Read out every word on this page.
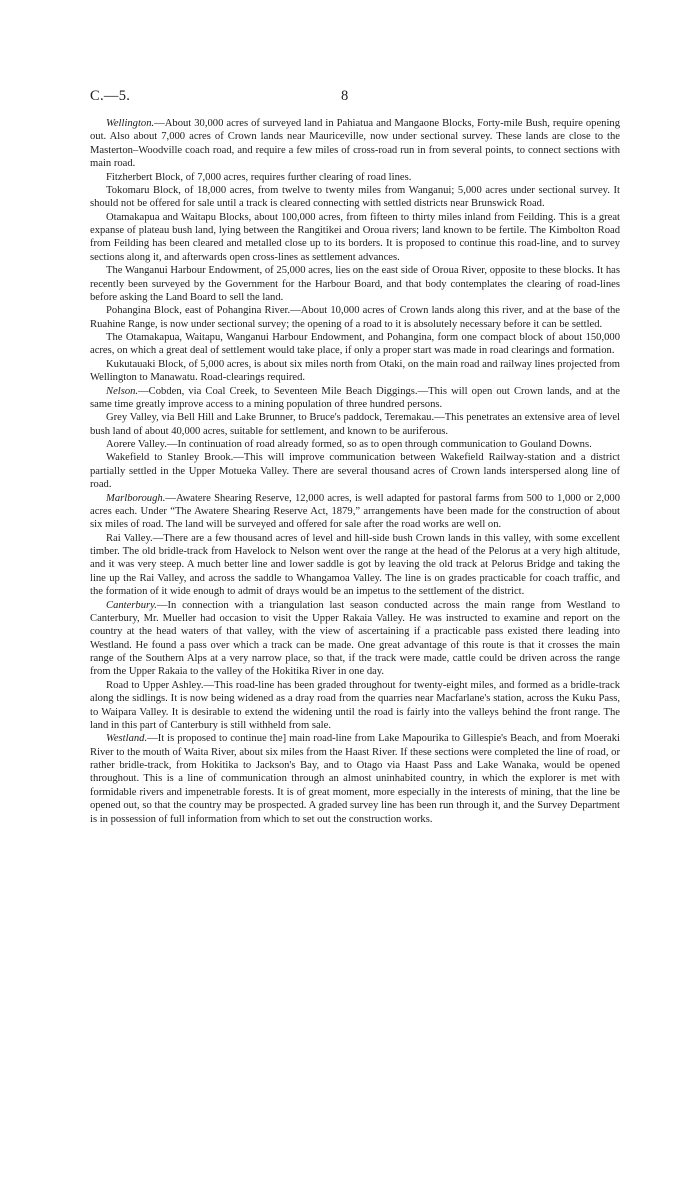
C.—5.	8

Wellington.—About 30,000 acres of surveyed land in Pahiatua and Mangaone Blocks, Forty-mile Bush, require opening out. Also about 7,000 acres of Crown lands near Mauriceville, now under sectional survey. These lands are close to the Masterton–Woodville coach road, and require a few miles of cross-road run in from several points, to connect sections with main road.

Fitzherbert Block, of 7,000 acres, requires further clearing of road lines.

Tokomaru Block, of 18,000 acres, from twelve to twenty miles from Wanganui; 5,000 acres under sectional survey. It should not be offered for sale until a track is cleared connecting with settled districts near Brunswick Road.

Otamakapua and Waitapu Blocks, about 100,000 acres, from fifteen to thirty miles inland from Feilding. This is a great expanse of plateau bush land, lying between the Rangitikei and Oroua rivers; land known to be fertile. The Kimbolton Road from Feilding has been cleared and metalled close up to its borders. It is proposed to continue this road-line, and to survey sections along it, and afterwards open cross-lines as settlement advances.

The Wanganui Harbour Endowment, of 25,000 acres, lies on the east side of Oroua River, opposite to these blocks. It has recently been surveyed by the Government for the Harbour Board, and that body contemplates the clearing of road-lines before asking the Land Board to sell the land.

Pohangina Block, east of Pohangina River.—About 10,000 acres of Crown lands along this river, and at the base of the Ruahine Range, is now under sectional survey; the opening of a road to it is absolutely necessary before it can be settled.

The Otamakapua, Waitapu, Wanganui Harbour Endowment, and Pohangina, form one compact block of about 150,000 acres, on which a great deal of settlement would take place, if only a proper start was made in road clearings and formation.

Kukutauaki Block, of 5,000 acres, is about six miles north from Otaki, on the main road and railway lines projected from Wellington to Manawatu. Road-clearings required.

Nelson.—Cobden, via Coal Creek, to Seventeen Mile Beach Diggings.—This will open out Crown lands, and at the same time greatly improve access to a mining population of three hundred persons.

Grey Valley, via Bell Hill and Lake Brunner, to Bruce's paddock, Teremakau.—This penetrates an extensive area of level bush land of about 40,000 acres, suitable for settlement, and known to be auriferous.

Aorere Valley.—In continuation of road already formed, so as to open through communication to Gouland Downs.

Wakefield to Stanley Brook.—This will improve communication between Wakefield Railway-station and a district partially settled in the Upper Motueka Valley. There are several thousand acres of Crown lands interspersed along line of road.

Marlborough.—Awatere Shearing Reserve, 12,000 acres, is well adapted for pastoral farms from 500 to 1,000 or 2,000 acres each. Under “The Awatere Shearing Reserve Act, 1879,” arrangements have been made for the construction of about six miles of road. The land will be surveyed and offered for sale after the road works are well on.

Rai Valley.—There are a few thousand acres of level and hill-side bush Crown lands in this valley, with some excellent timber. The old bridle-track from Havelock to Nelson went over the range at the head of the Pelorus at a very high altitude, and it was very steep. A much better line and lower saddle is got by leaving the old track at Pelorus Bridge and taking the line up the Rai Valley, and across the saddle to Whangamoa Valley. The line is on grades practicable for coach traffic, and the formation of it wide enough to admit of drays would be an impetus to the settlement of the district.

Canterbury.—In connection with a triangulation last season conducted across the main range from Westland to Canterbury, Mr. Mueller had occasion to visit the Upper Rakaia Valley. He was instructed to examine and report on the country at the head waters of that valley, with the view of ascertaining if a practicable pass existed there leading into Westland. He found a pass over which a track can be made. One great advantage of this route is that it crosses the main range of the Southern Alps at a very narrow place, so that, if the track were made, cattle could be driven across the range from the Upper Rakaia to the valley of the Hokitika River in one day.

Road to Upper Ashley.—This road-line has been graded throughout for twenty-eight miles, and formed as a bridle-track along the sidlings. It is now being widened as a dray road from the quarries near Macfarlane's station, across the Kuku Pass, to Waipara Valley. It is desirable to extend the widening until the road is fairly into the valleys behind the front range. The land in this part of Canterbury is still withheld from sale.

Westland.—It is proposed to continue the] main road-line from Lake Mapourika to Gillespie's Beach, and from Moeraki River to the mouth of Waita River, about six miles from the Haast River. If these sections were completed the line of road, or rather bridle-track, from Hokitika to Jackson's Bay, and to Otago via Haast Pass and Lake Wanaka, would be opened throughout. This is a line of communication through an almost uninhabited country, in which the explorer is met with formidable rivers and impenetrable forests. It is of great moment, more especially in the interests of mining, that the line be opened out, so that the country may be prospected. A graded survey line has been run through it, and the Survey Department is in possession of full information from which to set out the construction works.
